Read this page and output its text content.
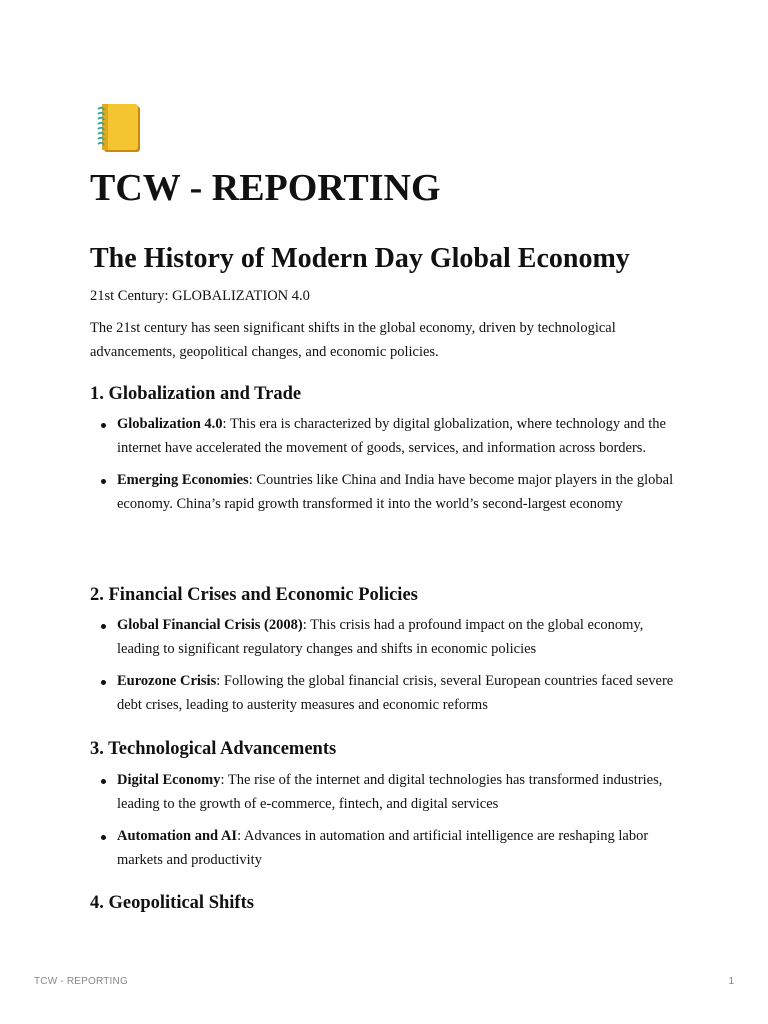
TCW - REPORTING
The History of Modern Day Global Economy

21st Century: GLOBALIZATION 4.0

The 21st century has seen significant shifts in the global economy, driven by technological advancements, geopolitical changes, and economic policies.

1. Globalization and Trade
Globalization 4.0: This era is characterized by digital globalization, where technology and the internet have accelerated the movement of goods, services, and information across borders.
Emerging Economies: Countries like China and India have become major players in the global economy. China’s rapid growth transformed it into the world’s second-largest economy
2. Financial Crises and Economic Policies
Global Financial Crisis (2008): This crisis had a profound impact on the global economy, leading to significant regulatory changes and shifts in economic policies
Eurozone Crisis: Following the global financial crisis, several European countries faced severe debt crises, leading to austerity measures and economic reforms
3. Technological Advancements
Digital Economy: The rise of the internet and digital technologies has transformed industries, leading to the growth of e-commerce, fintech, and digital services
Automation and AI: Advances in automation and artificial intelligence are reshaping labor markets and productivity
4. Geopolitical Shifts
TCW - REPORTING	1
